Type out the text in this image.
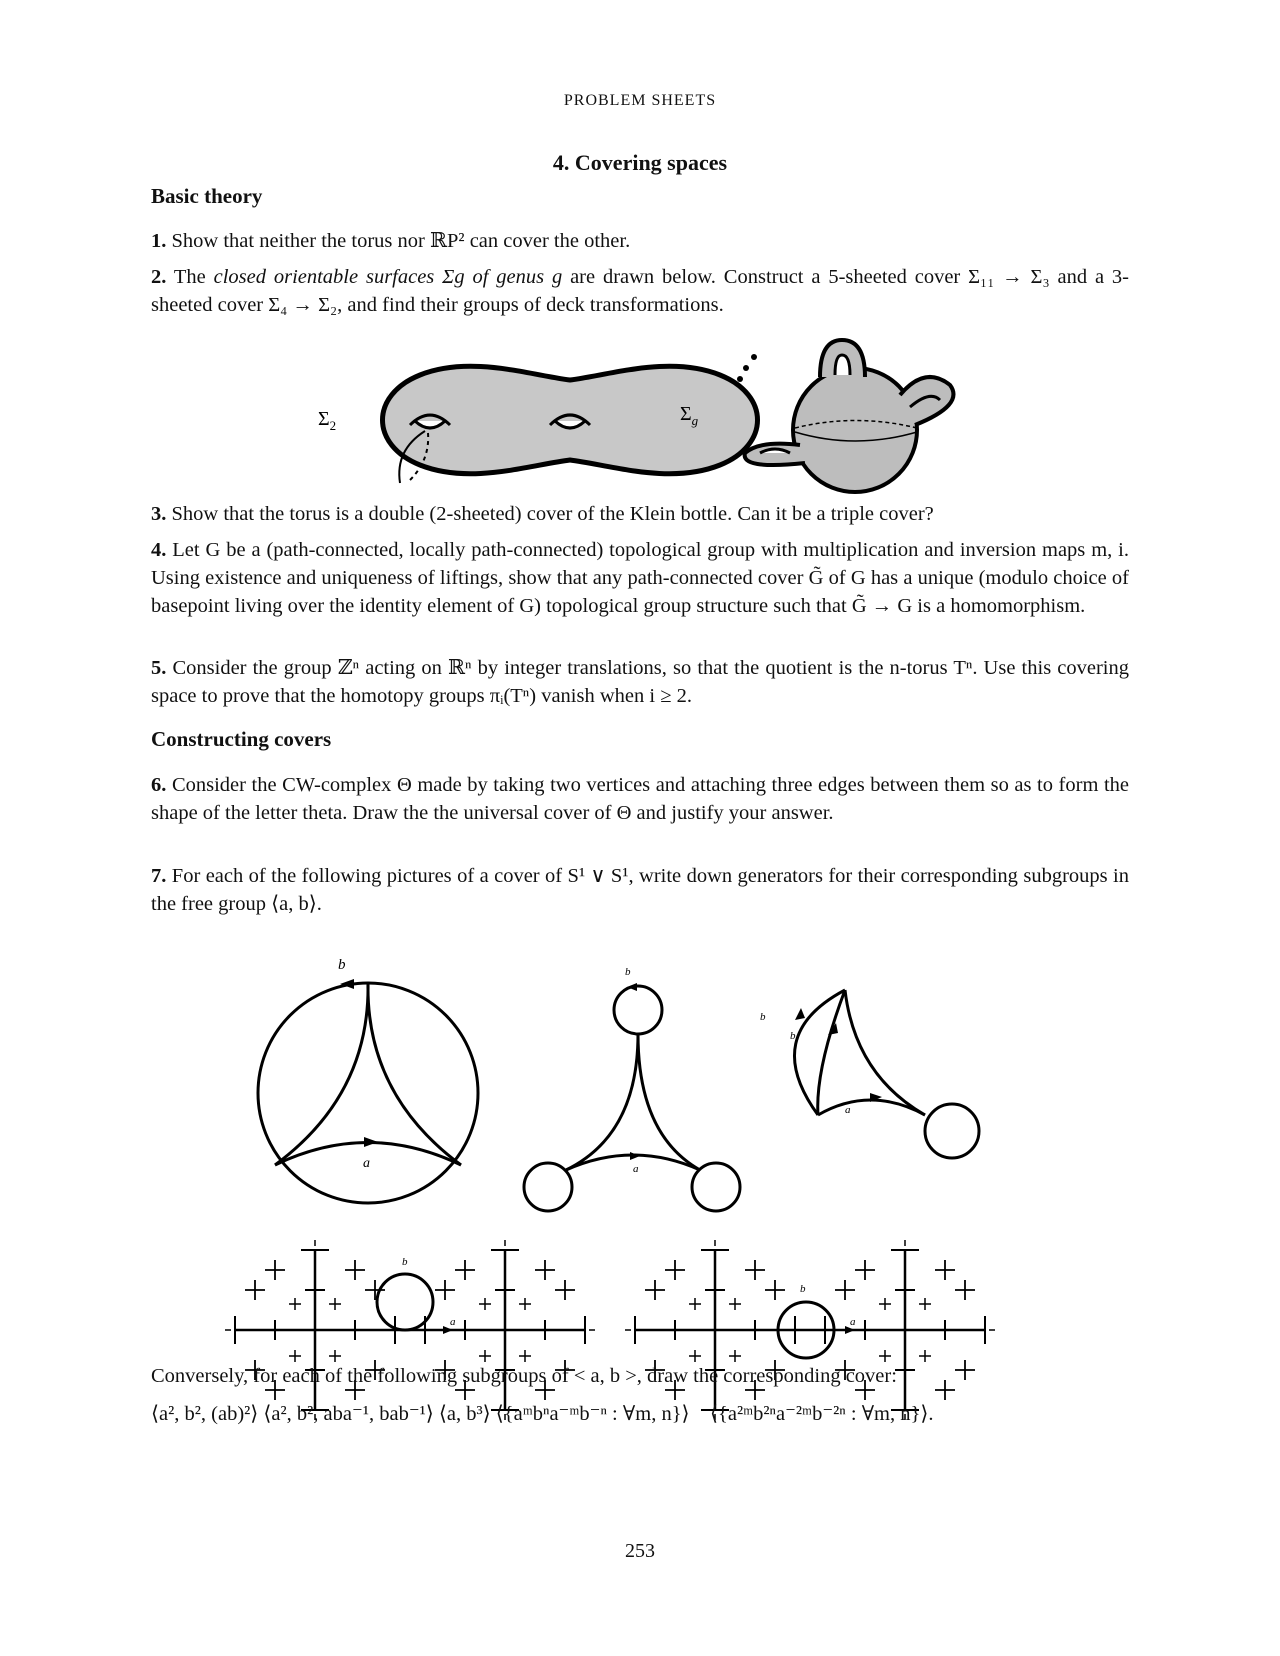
PROBLEM SHEETS
4. Covering spaces
Basic theory
1. Show that neither the torus nor ℝP² can cover the other.
2. The closed orientable surfaces Σg of genus g are drawn below. Construct a 5-sheeted cover Σ₁₁ → Σ₃ and a 3-sheeted cover Σ₄ → Σ₂, and find their groups of deck transformations.
$\Sigma_2$
$\Sigma_g$
3. Show that the torus is a double (2-sheeted) cover of the Klein bottle. Can it be a triple cover?
4. Let G be a (path-connected, locally path-connected) topological group with multiplication and inversion maps m, i. Using existence and uniqueness of liftings, show that any path-connected cover G̃ of G has a unique (modulo choice of basepoint living over the identity element of G) topological group structure such that G̃ → G is a homomorphism.
5. Consider the group ℤⁿ acting on ℝⁿ by integer translations, so that the quotient is the n-torus Tⁿ. Use this covering space to prove that the homotopy groups πᵢ(Tⁿ) vanish when i ≥ 2.
Constructing covers
6. Consider the CW-complex Θ made by taking two vertices and attaching three edges between them so as to form the shape of the letter theta. Draw the the universal cover of Θ and justify your answer.
7. For each of the following pictures of a cover of S¹ ∨ S¹, write down generators for their corresponding subgroups in the free group ⟨a, b⟩.
b
a
b
a
b
b
a
b
a
b
a
Conversely, for each of the following subgroups of < a, b >, draw the corresponding cover:
⟨a², b², (ab)²⟩ ⟨a², b², aba⁻¹, bab⁻¹⟩ ⟨a, b³⟩ ⟨{aᵐbⁿa⁻ᵐb⁻ⁿ : ∀m, n}⟩ ⟨{a²ᵐb²ⁿa⁻²ᵐb⁻²ⁿ : ∀m, n}⟩.
253
